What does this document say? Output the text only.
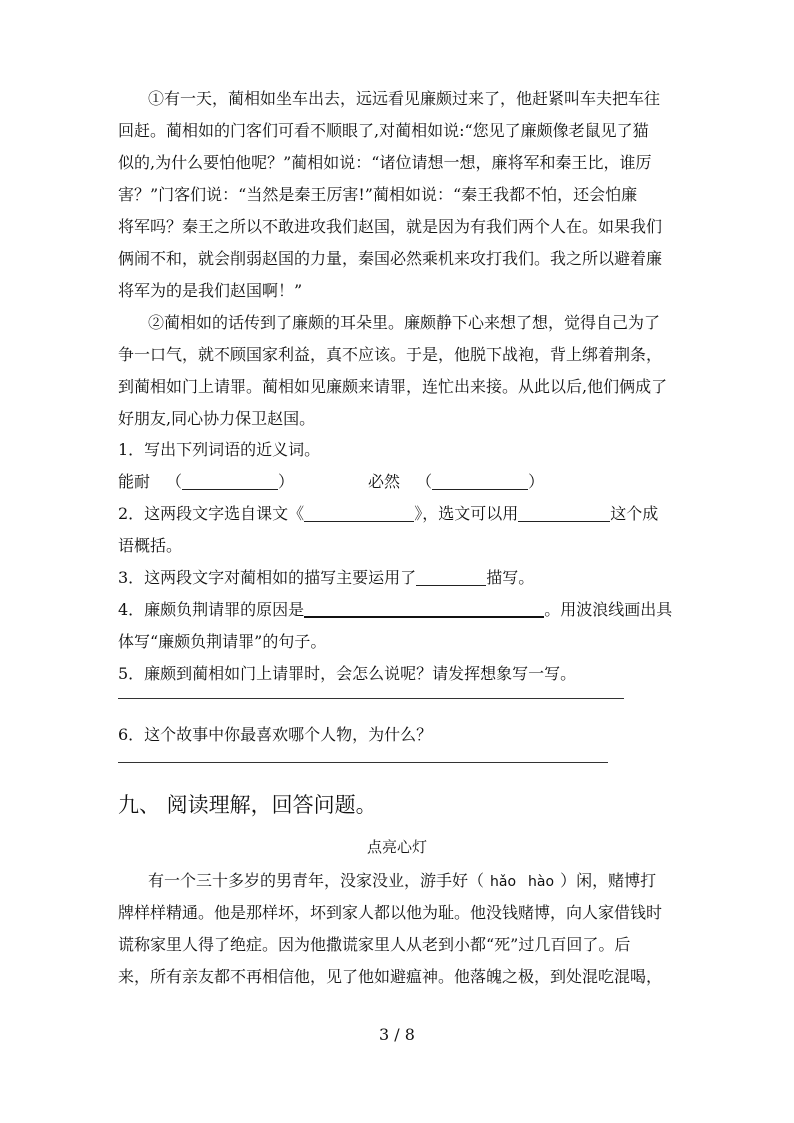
①有一天，蔺相如坐车出去，远远看见廉颇过来了，他赶紧叫车夫把车往
回赶。蔺相如的门客们可看不顺眼了,对蔺相如说:“您见了廉颇像老鼠见了猫
似的,为什么要怕他呢？”蔺相如说：“诸位请想一想，廉将军和秦王比，谁厉
害？”门客们说：“当然是秦王厉害!”蔺相如说：“秦王我都不怕，还会怕廉
将军吗？秦王之所以不敢进攻我们赵国，就是因为有我们两个人在。如果我们
俩闹不和，就会削弱赵国的力量，秦国必然乘机来攻打我们。我之所以避着廉
将军为的是我们赵国啊！”
②蔺相如的话传到了廉颇的耳朵里。廉颇静下心来想了想，觉得自己为了
争一口气，就不顾国家利益，真不应该。于是，他脱下战袍，背上绑着荆条，
到蔺相如门上请罪。蔺相如见廉颇来请罪，连忙出来接。从此以后,他们俩成了
好朋友,同心协力保卫赵国。
1．写出下列词语的近义词。
能耐 （	）	必然 （	）
2．这两段文字选自课文《	》，选文可以用	这个成
语概括。
3．这两段文字对蔺相如的描写主要运用了	描写。
4．廉颇负荆请罪的原因是	。用波浪线画出具
体写“廉颇负荆请罪”的句子。
5．廉颇到蔺相如门上请罪时，会怎么说呢？请发挥想象写一写。
6．这个故事中你最喜欢哪个人物，为什么？
九、 阅读理解，回答问题。
点亮心灯
有一个三十多岁的男青年，没家没业，游手好（ hǎo hào ）闲，赌博打
牌样样精通。他是那样坏，坏到家人都以他为耻。他没钱赌博，向人家借钱时
谎称家里人得了绝症。因为他撒谎家里人从老到小都“死”过几百回了。后
来，所有亲友都不再相信他，见了他如避瘟神。他落魄之极，到处混吃混喝，
3 / 8
